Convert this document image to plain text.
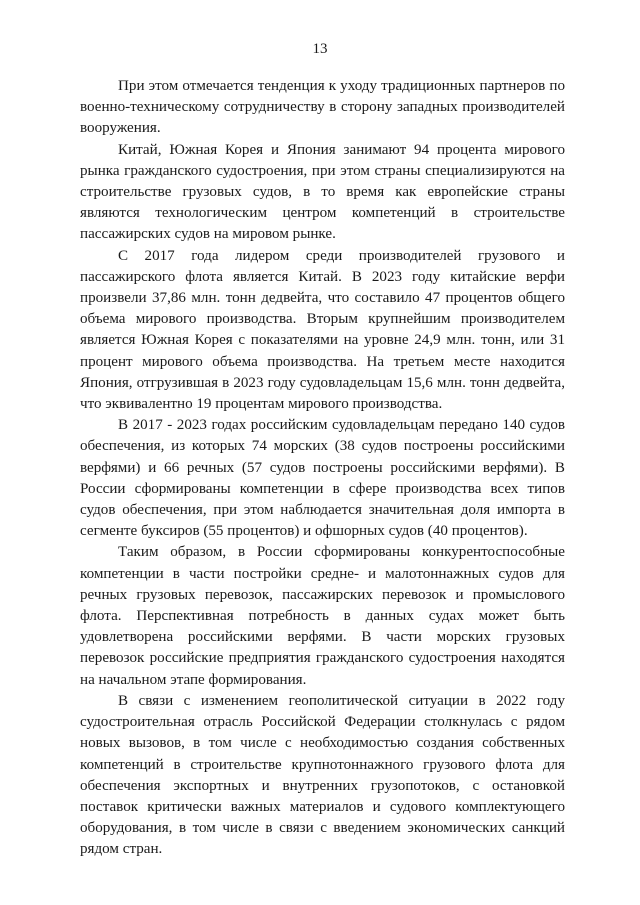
13

При этом отмечается тенденция к уходу традиционных партнеров по военно-техническому сотрудничеству в сторону западных производителей вооружения.

Китай, Южная Корея и Япония занимают 94 процента мирового рынка гражданского судостроения, при этом страны специализируются на строительстве грузовых судов, в то время как европейские страны являются технологическим центром компетенций в строительстве пассажирских судов на мировом рынке.

С 2017 года лидером среди производителей грузового и пассажирского флота является Китай. В 2023 году китайские верфи произвели 37,86 млн. тонн дедвейта, что составило 47 процентов общего объема мирового производства. Вторым крупнейшим производителем является Южная Корея с показателями на уровне 24,9 млн. тонн, или 31 процент мирового объема производства. На третьем месте находится Япония, отгрузившая в 2023 году судовладельцам 15,6 млн. тонн дедвейта, что эквивалентно 19 процентам мирового производства.

В 2017 - 2023 годах российским судовладельцам передано 140 судов обеспечения, из которых 74 морских (38 судов построены российскими верфями) и 66 речных (57 судов построены российскими верфями). В России сформированы компетенции в сфере производства всех типов судов обеспечения, при этом наблюдается значительная доля импорта в сегменте буксиров (55 процентов) и офшорных судов (40 процентов).

Таким образом, в России сформированы конкурентоспособные компетенции в части постройки средне- и малотоннажных судов для речных грузовых перевозок, пассажирских перевозок и промыслового флота. Перспективная потребность в данных судах может быть удовлетворена российскими верфями. В части морских грузовых перевозок российские предприятия гражданского судостроения находятся на начальном этапе формирования.

В связи с изменением геополитической ситуации в 2022 году судостроительная отрасль Российской Федерации столкнулась с рядом новых вызовов, в том числе с необходимостью создания собственных компетенций в строительстве крупнотоннажного грузового флота для обеспечения экспортных и внутренних грузопотоков, с остановкой поставок критически важных материалов и судового комплектующего оборудования, в том числе в связи с введением экономических санкций рядом стран.
